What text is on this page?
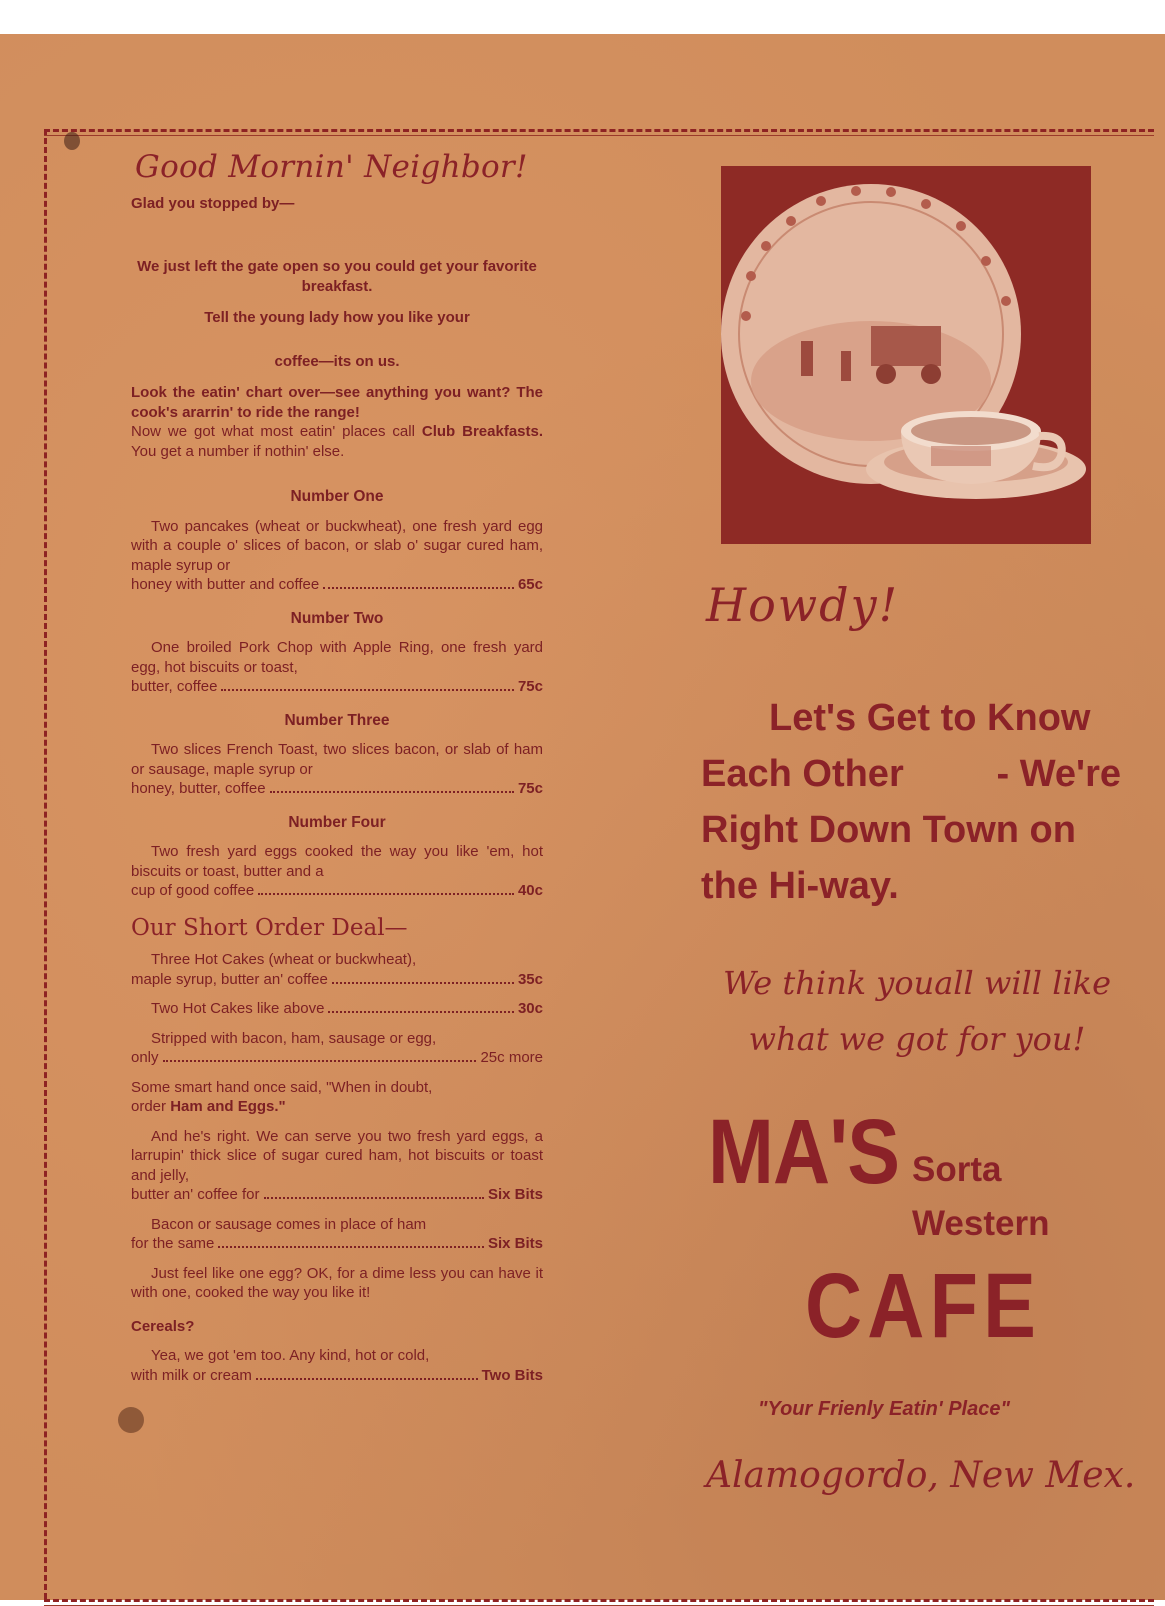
Good Mornin' Neighbor!

Glad you stopped by—

We just left the gate open so you could get your favorite breakfast.

Tell the young lady how you like your

coffee—its on us.

Look the eatin' chart over—see anything you want? The cook's ararrin' to ride the range!

Now we got what most eatin' places call Club Breakfasts. You get a number if nothin' else.

Number One
Two pancakes (wheat or buckwheat), one fresh yard egg with a couple o' slices of bacon, or slab o' sugar cured ham, maple syrup or
honey with butter and coffee	65c
Number Two
One broiled Pork Chop with Apple Ring, one fresh yard egg, hot biscuits or toast,
butter, coffee	75c
Number Three
Two slices French Toast, two slices bacon, or slab of ham or sausage, maple syrup or
honey, butter, coffee	75c
Number Four
Two fresh yard eggs cooked the way you like 'em, hot biscuits or toast, butter and a
cup of good coffee	40c
Our Short Order Deal—
Three Hot Cakes (wheat or buckwheat),
maple syrup, butter an' coffee	35c
Two Hot Cakes like above	30c
Stripped with bacon, ham, sausage or egg,
only	25c more
Some smart hand once said, "When in doubt,
order Ham and Eggs."
And he's right. We can serve you two fresh yard eggs, a larrupin' thick slice of sugar cured ham, hot biscuits or toast and jelly,
butter an' coffee for	Six Bits
Bacon or sausage comes in place of ham
for the same	Six Bits
Just feel like one egg? OK, for a dime less you can have it with one, cooked the way you like it!
Cereals?
Yea, we got 'em too. Any kind, hot or cold,
with milk or cream	Two Bits
Howdy!
Let's Get to Know
Each Other - We're
Right Down Town on
the Hi-way.
We think youall will like
what we got for you!
MA'S Sorta
Western
CAFE
"Your Frienly Eatin' Place"
Alamogordo, New Mex.
